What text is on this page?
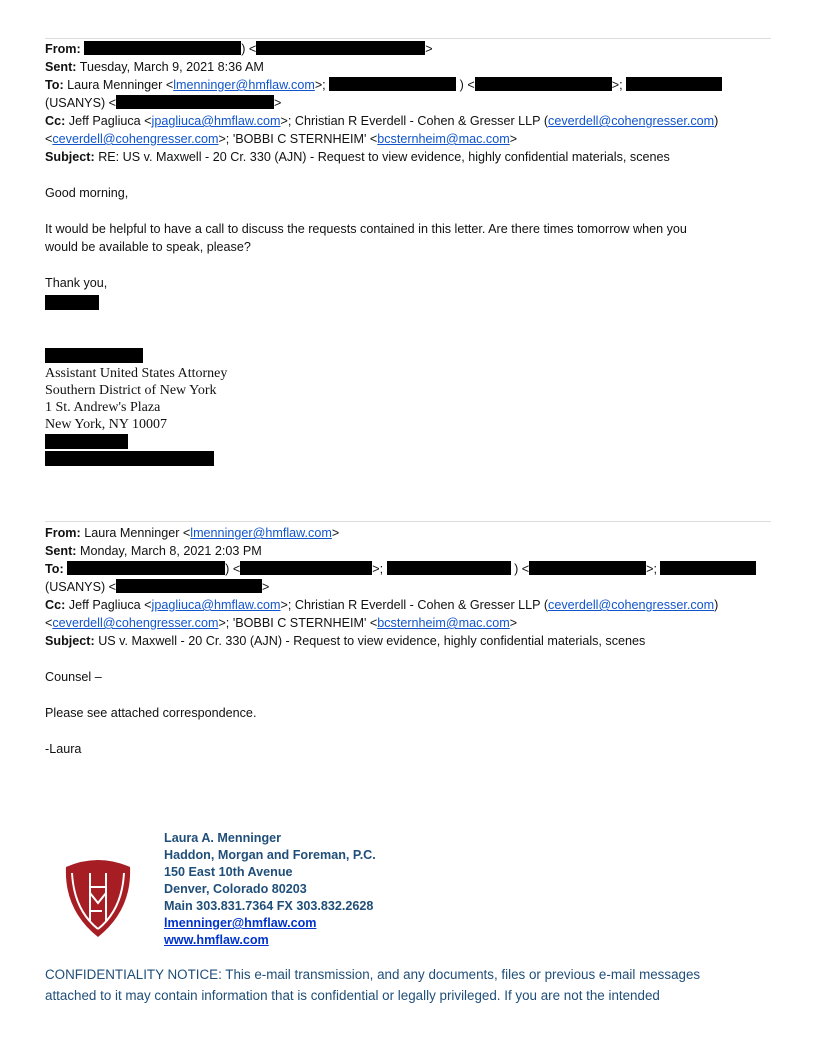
From:	) <	>
Sent: Tuesday, March 9, 2021 8:36 AM
To: Laura Menninger <lmenninger@hmflaw.com>;	) <	>;
(USANYS) <	>
Cc: Jeff Pagliuca <jpagliuca@hmflaw.com>; Christian R Everdell - Cohen & Gresser LLP (ceverdell@cohengresser.com)
<ceverdell@cohengresser.com>; 'BOBBI C STERNHEIM' <bcsternheim@mac.com>
Subject: RE: US v. Maxwell - 20 Cr. 330 (AJN) - Request to view evidence, highly confidential materials, scenes
Good morning,
It would be helpful to have a call to discuss the requests contained in this letter. Are there times tomorrow when you
would be available to speak, please?
Thank you,
Assistant United States Attorney
Southern District of New York
1 St. Andrew's Plaza
New York, NY 10007
From: Laura Menninger <lmenninger@hmflaw.com>
Sent: Monday, March 8, 2021 2:03 PM
To:	) <	>;	) <	>;
(USANYS) <	>
Cc: Jeff Pagliuca <jpagliuca@hmflaw.com>; Christian R Everdell - Cohen & Gresser LLP (ceverdell@cohengresser.com)
<ceverdell@cohengresser.com>; 'BOBBI C STERNHEIM' <bcsternheim@mac.com>
Subject: US v. Maxwell - 20 Cr. 330 (AJN) - Request to view evidence, highly confidential materials, scenes
Counsel –
Please see attached correspondence.
-Laura
Laura A. Menninger
Haddon, Morgan and Foreman, P.C.
150 East 10th Avenue
Denver, Colorado 80203
Main 303.831.7364 FX 303.832.2628
lmenninger@hmflaw.com
www.hmflaw.com
CONFIDENTIALITY NOTICE: This e-mail transmission, and any documents, files or previous e-mail messages
attached to it may contain information that is confidential or legally privileged. If you are not the intended
